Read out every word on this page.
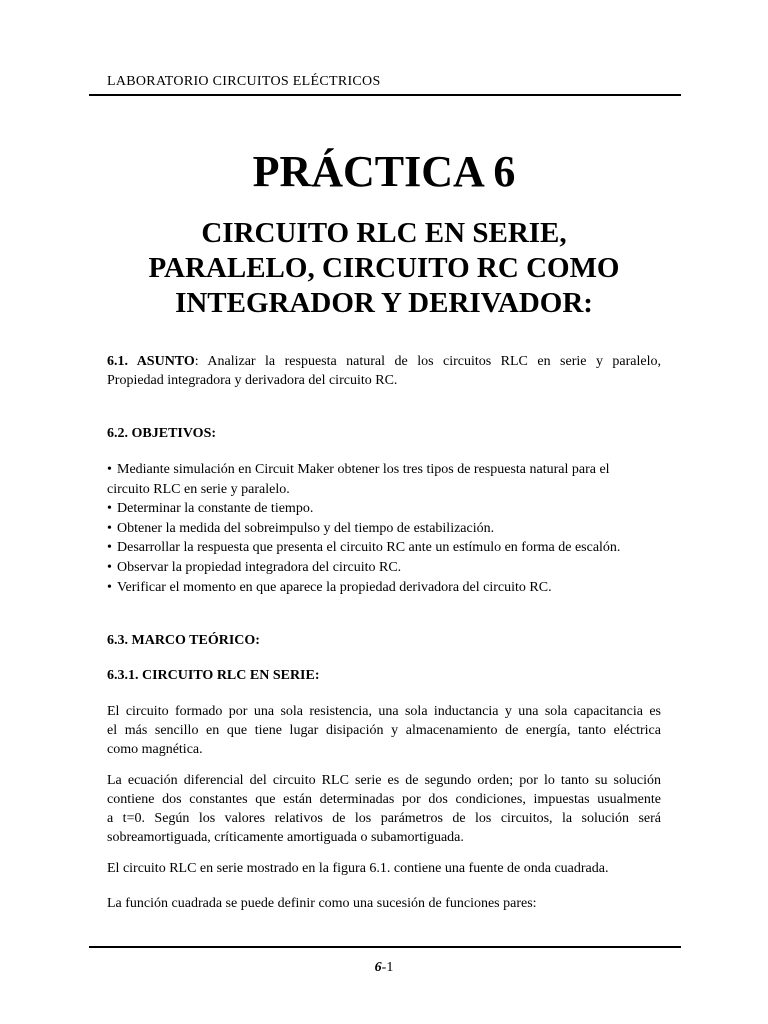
LABORATORIO CIRCUITOS ELÉCTRICOS
PRÁCTICA 6
CIRCUITO RLC EN SERIE,
PARALELO, CIRCUITO RC COMO
INTEGRADOR Y DERIVADOR:
6.1. ASUNTO: Analizar la respuesta natural de los circuitos RLC en serie y paralelo,
Propiedad integradora y derivadora del circuito RC.
6.2. OBJETIVOS:
• Mediante simulación en Circuit Maker obtener los tres tipos de respuesta natural para el
circuito RLC en serie y paralelo.
• Determinar la constante de tiempo.
• Obtener la medida del sobreimpulso y del tiempo de estabilización.
• Desarrollar la respuesta que presenta el circuito RC ante un estímulo en forma de escalón.
• Observar la propiedad integradora del circuito RC.
• Verificar el momento en que aparece la propiedad derivadora del circuito RC.
6.3. MARCO TEÓRICO:
6.3.1. CIRCUITO RLC EN SERIE:
El circuito formado por una sola resistencia, una sola inductancia y una sola capacitancia es
el más sencillo en que tiene lugar disipación y almacenamiento de energía, tanto eléctrica
como magnética.
La ecuación diferencial del circuito RLC serie es de segundo orden; por lo tanto su solución
contiene dos constantes que están determinadas por dos condiciones, impuestas usualmente
a t=0. Según los valores relativos de los parámetros de los circuitos, la solución será
sobreamortiguada, críticamente amortiguada o subamortiguada.
El circuito RLC en serie mostrado en la figura 6.1. contiene una fuente de onda cuadrada.
La función cuadrada se puede definir como una sucesión de funciones pares:
6-1
